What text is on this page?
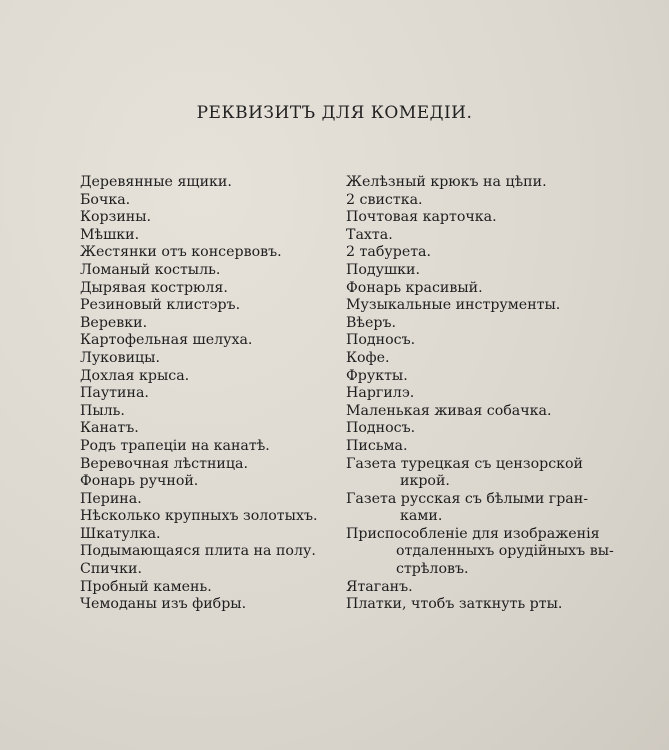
РЕКВИЗИТЪ ДЛЯ КОМЕДІИ.
Деревянные ящики.
Бочка.
Корзины.
Мѣшки.
Жестянки отъ консервовъ.
Ломаный костыль.
Дырявая кострюля.
Резиновый клистэръ.
Веревки.
Картофельная шелуха.
Луковицы.
Дохлая крыса.
Паутина.
Пыль.
Канатъ.
Родъ трапеціи на канатѣ.
Веревочная лѣстница.
Фонарь ручной.
Перина.
Нѣсколько крупныхъ золотыхъ.
Шкатулка.
Подымающаяся плита на полу.
Спички.
Пробный камень.
Чемоданы изъ фибры.
Желѣзный крюкъ на цѣпи.
2 свистка.
Почтовая карточка.
Тахта.
2 табурета.
Подушки.
Фонарь красивый.
Музыкальные инструменты.
Вѣеръ.
Подносъ.
Кофе.
Фрукты.
Наргилэ.
Маленькая живая собачка.
Подносъ.
Письма.
Газета турецкая съ цензорской
икрой.
Газета русская съ бѣлыми гран-
ками.
Приспособленіе для изображенія
отдаленныхъ орудійныхъ вы-
стрѣловъ.
Ятаганъ.
Платки, чтобъ заткнуть рты.
